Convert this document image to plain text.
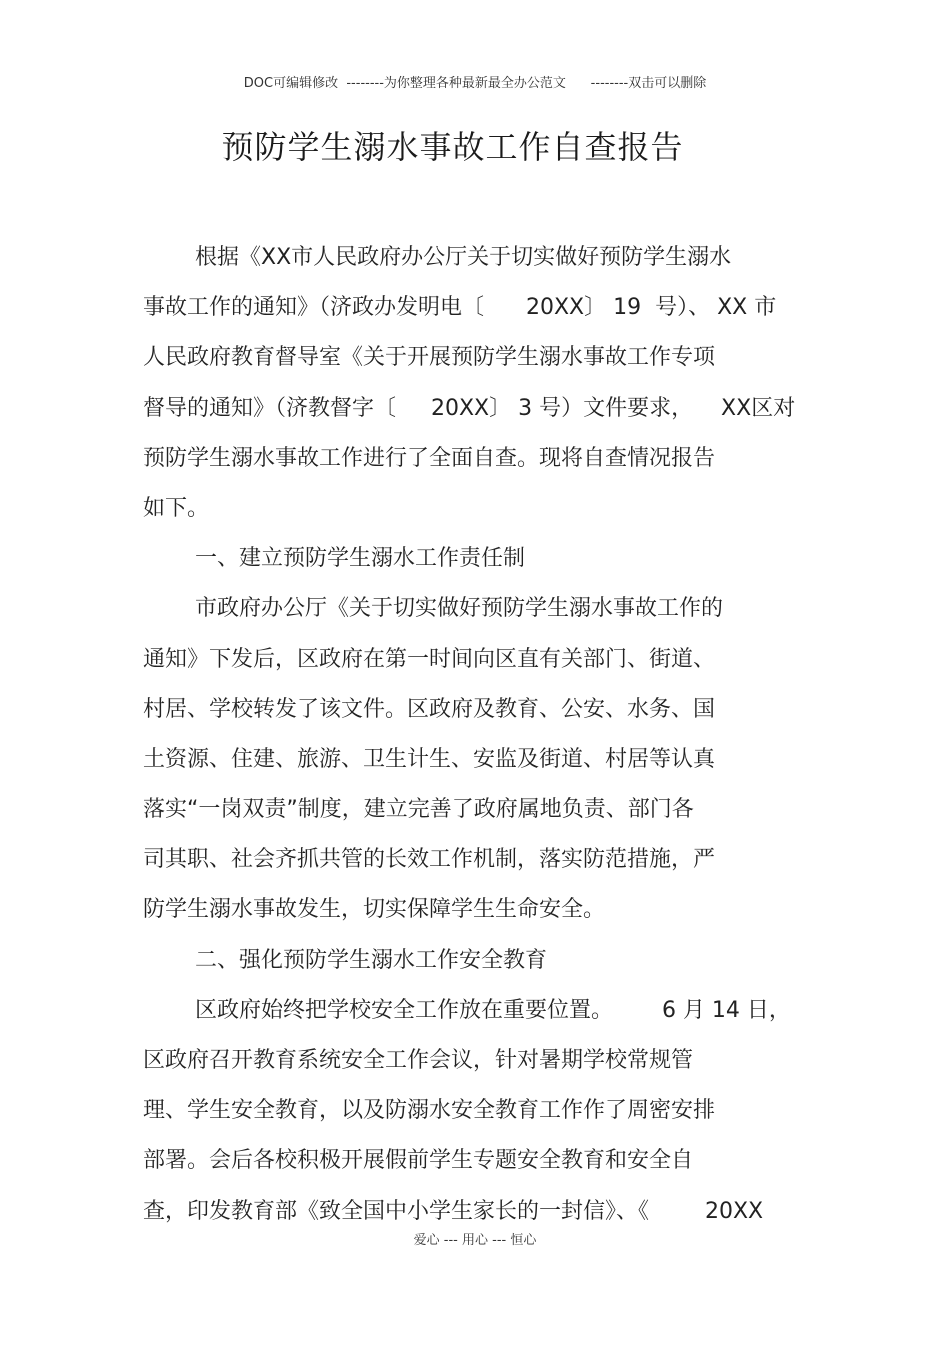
DOC可编辑修改  --------为你整理各种最新最全办公范文      --------双击可以删除
预防学生溺水事故工作自查报告
根据《XX市人民政府办公厅关于切实做好预防学生溺水
事故工作的通知》（济政办发明电〔      20XX〕 19  号）、 XX 市
人民政府教育督导室《关于开展预防学生溺水事故工作专项
督导的通知》（济教督字〔     20XX〕 3 号）文件要求，    XX区对
预防学生溺水事故工作进行了全面自查。现将自查情况报告
如下。
一、建立预防学生溺水工作责任制
市政府办公厅《关于切实做好预防学生溺水事故工作的
通知》下发后，区政府在第一时间向区直有关部门、街道、
村居、学校转发了该文件。区政府及教育、公安、水务、国
土资源、住建、旅游、卫生计生、安监及街道、村居等认真
落实“一岗双责”制度，建立完善了政府属地负责、部门各
司其职、社会齐抓共管的长效工作机制，落实防范措施，严
防学生溺水事故发生，切实保障学生生命安全。
二、强化预防学生溺水工作安全教育
区政府始终把学校安全工作放在重要位置。       6 月 14 日，
区政府召开教育系统安全工作会议，针对暑期学校常规管
理、学生安全教育，以及防溺水安全教育工作作了周密安排
部署。会后各校积极开展假前学生专题安全教育和安全自
查，印发教育部《致全国中小学生家长的一封信》、《        20XX
爱心 --- 用心 --- 恒心
